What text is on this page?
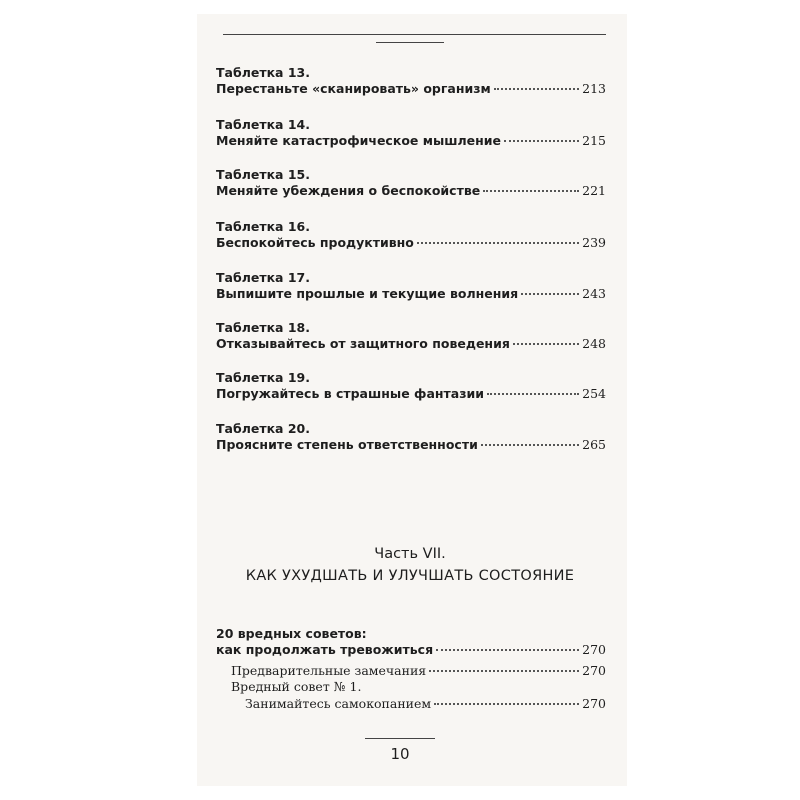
Таблетка 13.
Перестаньте «сканировать» организм	213
Таблетка 14.
Меняйте катастрофическое мышление	215
Таблетка 15.
Меняйте убеждения о беспокойстве	221
Таблетка 16.
Беспокойтесь продуктивно	239
Таблетка 17.
Выпишите прошлые и текущие волнения	243
Таблетка 18.
Отказывайтесь от защитного поведения	248
Таблетка 19.
Погружайтесь в страшные фантазии	254
Таблетка 20.
Проясните степень ответственности	265
Часть VII.
КАК УХУДШАТЬ И УЛУЧШАТЬ СОСТОЯНИЕ
20 вредных советов:
как продолжать тревожиться	270
Предварительные замечания	270
Вредный совет № 1.
Занимайтесь самокопанием	270
10
